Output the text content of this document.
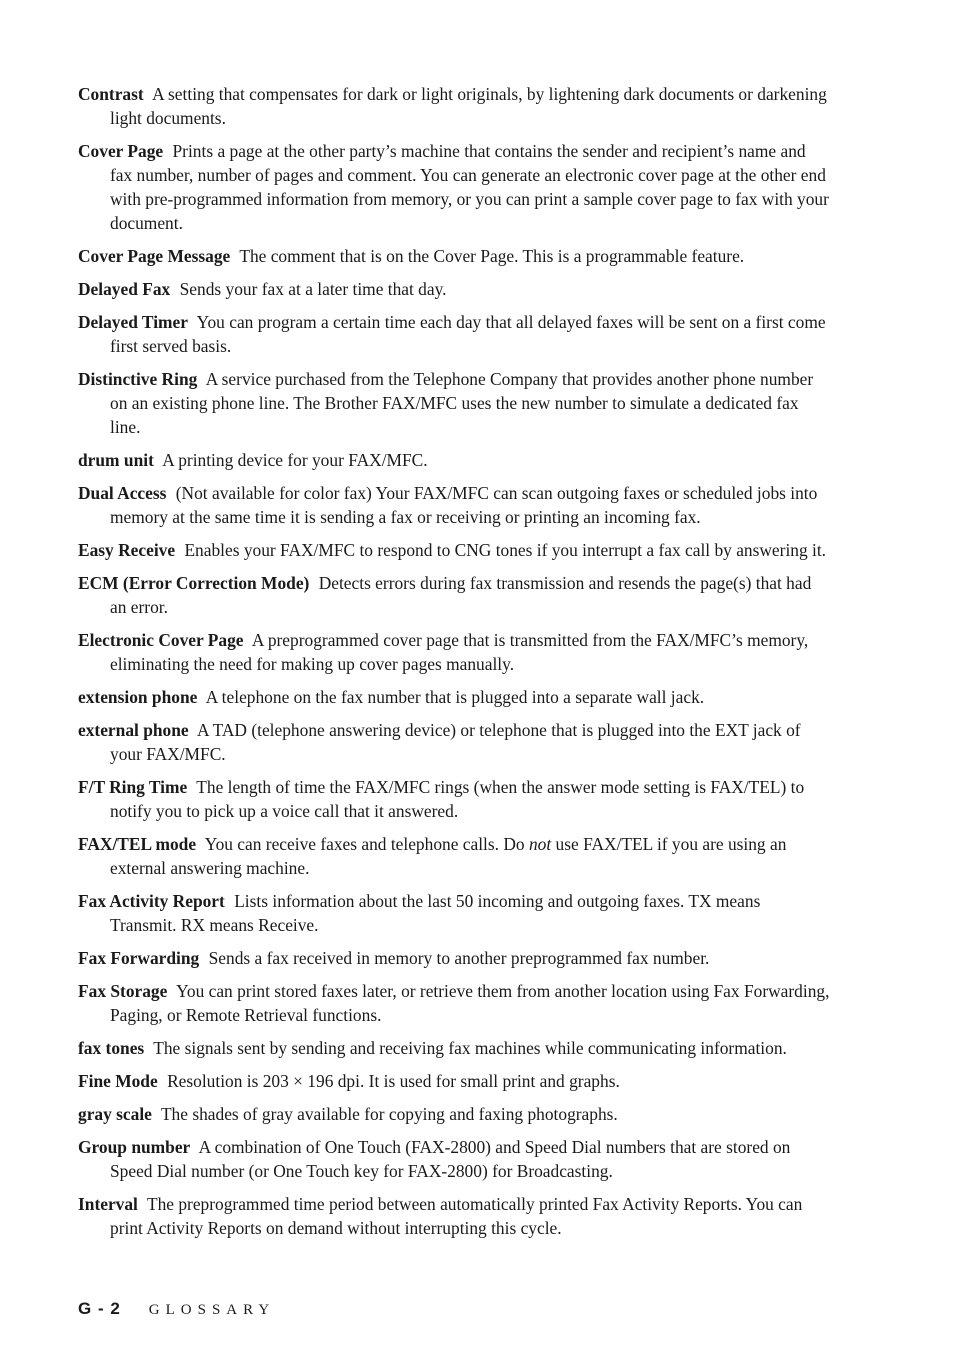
Contrast A setting that compensates for dark or light originals, by lightening dark documents or darkening light documents.

Cover Page Prints a page at the other party’s machine that contains the sender and recipient’s name and fax number, number of pages and comment. You can generate an electronic cover page at the other end with pre-programmed information from memory, or you can print a sample cover page to fax with your document.

Cover Page Message The comment that is on the Cover Page. This is a programmable feature.

Delayed Fax Sends your fax at a later time that day.

Delayed Timer You can program a certain time each day that all delayed faxes will be sent on a first come first served basis.

Distinctive Ring A service purchased from the Telephone Company that provides another phone number on an existing phone line. The Brother FAX/MFC uses the new number to simulate a dedicated fax line.

drum unit A printing device for your FAX/MFC.

Dual Access (Not available for color fax) Your FAX/MFC can scan outgoing faxes or scheduled jobs into memory at the same time it is sending a fax or receiving or printing an incoming fax.

Easy Receive Enables your FAX/MFC to respond to CNG tones if you interrupt a fax call by answering it.

ECM (Error Correction Mode) Detects errors during fax transmission and resends the page(s) that had an error.

Electronic Cover Page A preprogrammed cover page that is transmitted from the FAX/MFC’s memory, eliminating the need for making up cover pages manually.

extension phone A telephone on the fax number that is plugged into a separate wall jack.

external phone A TAD (telephone answering device) or telephone that is plugged into the EXT jack of your FAX/MFC.

F/T Ring Time The length of time the FAX/MFC rings (when the answer mode setting is FAX/TEL) to notify you to pick up a voice call that it answered.

FAX/TEL mode You can receive faxes and telephone calls. Do not use FAX/TEL if you are using an external answering machine.

Fax Activity Report Lists information about the last 50 incoming and outgoing faxes. TX means Transmit. RX means Receive.

Fax Forwarding Sends a fax received in memory to another preprogrammed fax number.

Fax Storage You can print stored faxes later, or retrieve them from another location using Fax Forwarding, Paging, or Remote Retrieval functions.

fax tones The signals sent by sending and receiving fax machines while communicating information.

Fine Mode Resolution is 203 × 196 dpi. It is used for small print and graphs.

gray scale The shades of gray available for copying and faxing photographs.

Group number A combination of One Touch (FAX-2800) and Speed Dial numbers that are stored on Speed Dial number (or One Touch key for FAX-2800) for Broadcasting.

Interval The preprogrammed time period between automatically printed Fax Activity Reports. You can print Activity Reports on demand without interrupting this cycle.

G - 2 GLOSSARY
